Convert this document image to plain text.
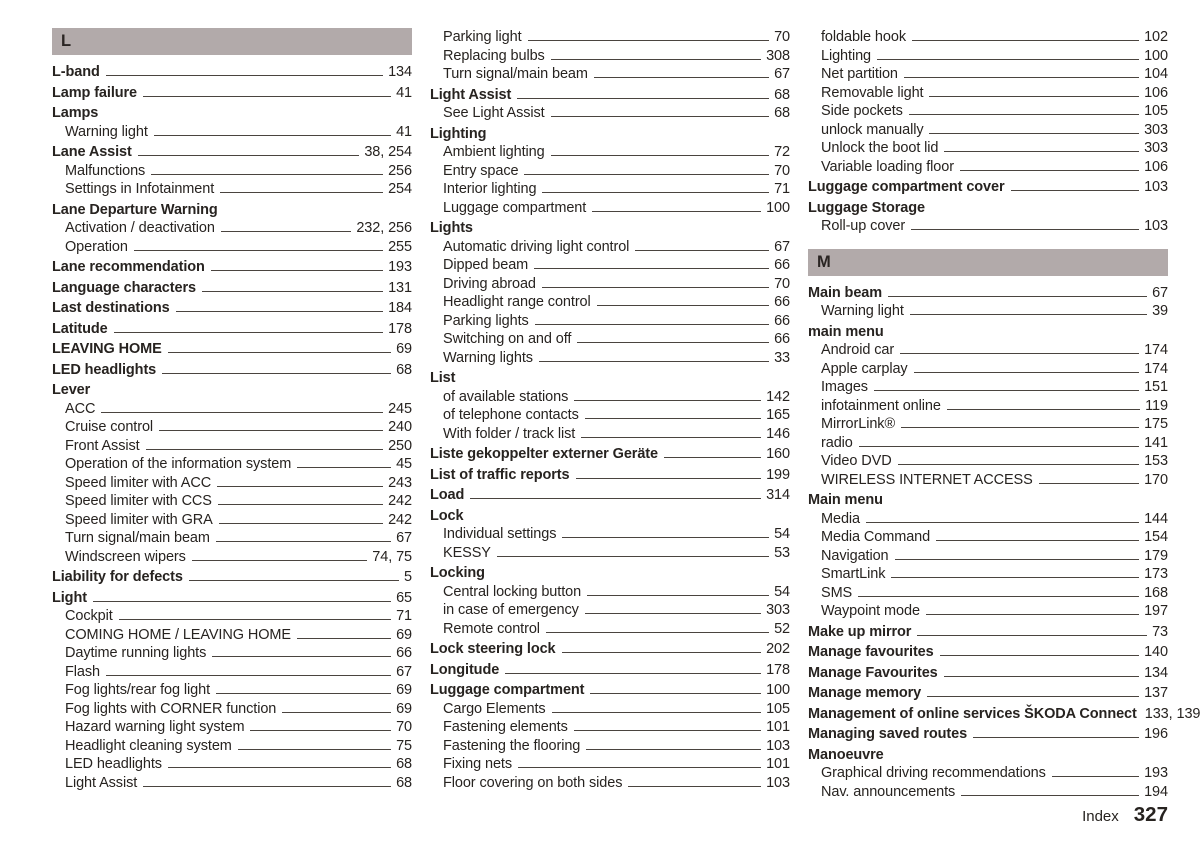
L
L-band	134
Lamp failure	41
Lamps
Warning light	41
Lane Assist	38, 254
Malfunctions	256
Settings in Infotainment	254
Lane Departure Warning
Activation / deactivation	232, 256
Operation	255
Lane recommendation	193
Language characters	131
Last destinations	184
Latitude	178
LEAVING HOME	69
LED headlights	68
Lever
ACC	245
Cruise control	240
Front Assist	250
Operation of the information system	45
Speed limiter with ACC	243
Speed limiter with CCS	242
Speed limiter with GRA	242
Turn signal/main beam	67
Windscreen wipers	74, 75
Liability for defects	5
Light	65
Cockpit	71
COMING HOME / LEAVING HOME	69
Daytime running lights	66
Flash	67
Fog lights/rear fog light	69
Fog lights with CORNER function	69
Hazard warning light system	70
Headlight cleaning system	75
LED headlights	68
Light Assist	68
Parking light	70
Replacing bulbs	308
Turn signal/main beam	67
Light Assist	68
See Light Assist	68
Lighting
Ambient lighting	72
Entry space	70
Interior lighting	71
Luggage compartment	100
Lights
Automatic driving light control	67
Dipped beam	66
Driving abroad	70
Headlight range control	66
Parking lights	66
Switching on and off	66
Warning lights	33
List
of available stations	142
of telephone contacts	165
With folder / track list	146
Liste gekoppelter externer Geräte	160
List of traffic reports	199
Load	314
Lock
Individual settings	54
KESSY	53
Locking
Central locking button	54
in case of emergency	303
Remote control	52
Lock steering lock	202
Longitude	178
Luggage compartment	100
Cargo Elements	105
Fastening elements	101
Fastening the flooring	103
Fixing nets	101
Floor covering on both sides	103
foldable hook	102
Lighting	100
Net partition	104
Removable light	106
Side pockets	105
unlock manually	303
Unlock the boot lid	303
Variable loading floor	106
Luggage compartment cover	103
Luggage Storage
Roll-up cover	103
M
Main beam	67
Warning light	39
main menu
Android car	174
Apple carplay	174
Images	151
infotainment online	119
MirrorLink®	175
radio	141
Video DVD	153
WIRELESS INTERNET ACCESS	170
Main menu
Media	144
Media Command	154
Navigation	179
SmartLink	173
SMS	168
Waypoint mode	197
Make up mirror	73
Manage favourites	140
Manage Favourites	134
Manage memory	137
Management of online services ŠKODA Connect 133, 139
Managing saved routes	196
Manoeuvre
Graphical driving recommendations	193
Nav. announcements	194
Index 327
